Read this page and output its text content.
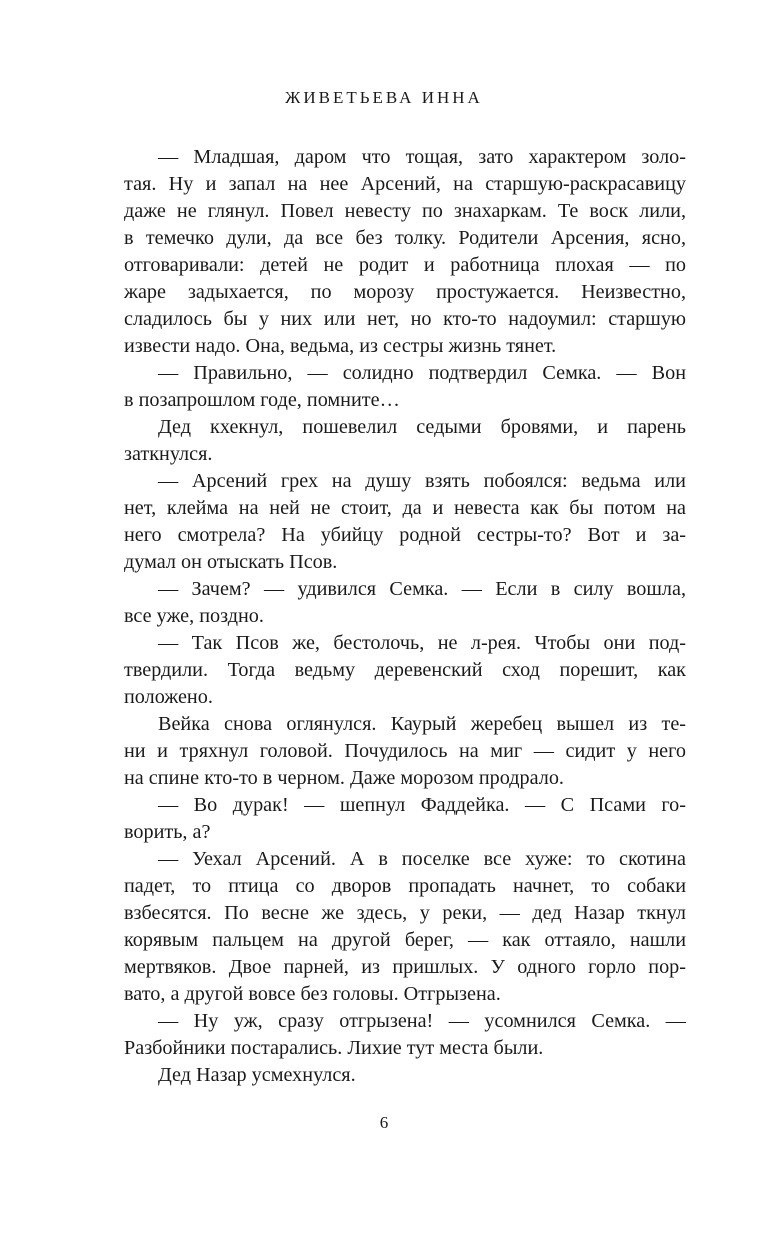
ЖИВЕТЬЕВА ИННА

— Младшая, даром что тощая, зато характером золо-
тая. Ну и запал на нее Арсений, на старшую-раскрасавицу
даже не глянул. Повел невесту по знахаркам. Те воск лили,
в темечко дули, да все без толку. Родители Арсения, ясно,
отговаривали: детей не родит и работница плохая — по
жаре задыхается, по морозу простужается. Неизвестно,
сладилось бы у них или нет, но кто-то надоумил: старшую
извести надо. Она, ведьма, из сестры жизнь тянет.

— Правильно, — солидно подтвердил Семка. — Вон
в позапрошлом годе, помните…

Дед кхекнул, пошевелил седыми бровями, и парень
заткнулся.

— Арсений грех на душу взять побоялся: ведьма или
нет, клейма на ней не стоит, да и невеста как бы потом на
него смотрела? На убийцу родной сестры-то? Вот и за-
думал он отыскать Псов.

— Зачем? — удивился Семка. — Если в силу вошла,
все уже, поздно.

— Так Псов же, бестолочь, не л-рея. Чтобы они под-
твердили. Тогда ведьму деревенский сход порешит, как
положено.

Вейка снова оглянулся. Каурый жеребец вышел из те-
ни и тряхнул головой. Почудилось на миг — сидит у него
на спине кто-то в черном. Даже морозом продрало.

— Во дурак! — шепнул Фаддейка. — С Псами го-
ворить, а?

— Уехал Арсений. А в поселке все хуже: то скотина
падет, то птица со дворов пропадать начнет, то собаки
взбесятся. По весне же здесь, у реки, — дед Назар ткнул
корявым пальцем на другой берег, — как оттаяло, нашли
мертвяков. Двое парней, из пришлых. У одного горло пор-
вато, а другой вовсе без головы. Отгрызена.

— Ну уж, сразу отгрызена! — усомнился Семка. —
Разбойники постарались. Лихие тут места были.

Дед Назар усмехнулся.

6
